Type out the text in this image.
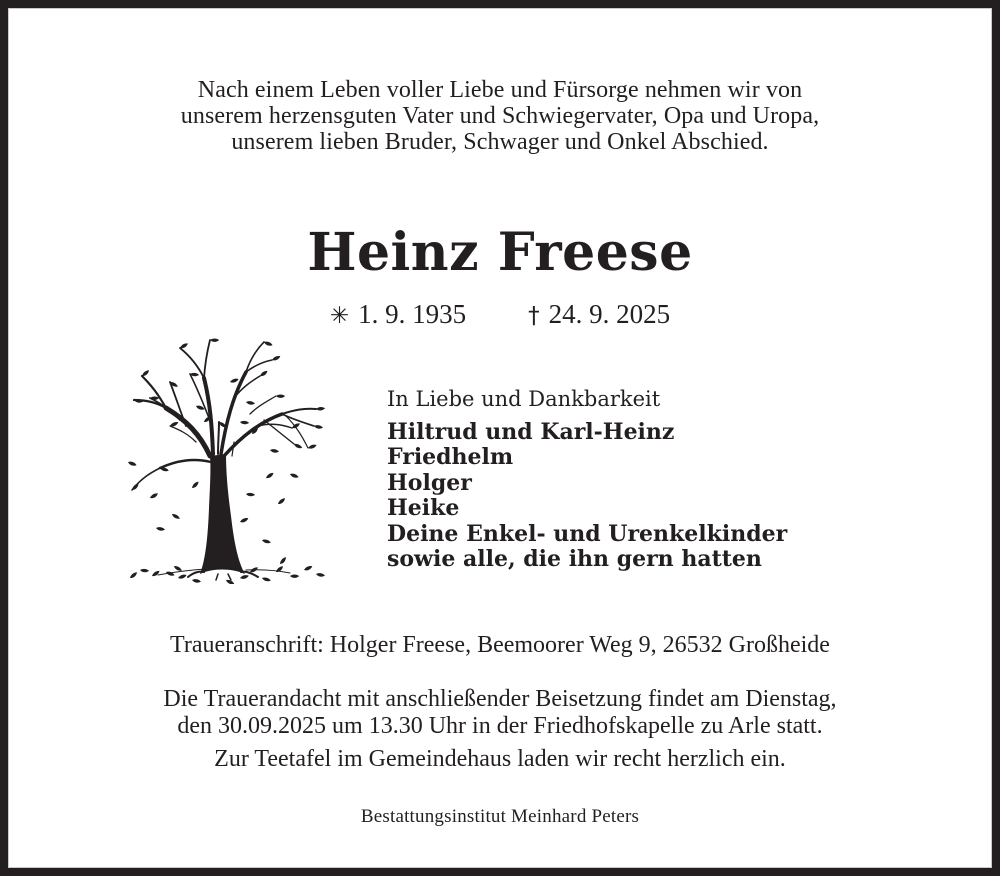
Nach einem Leben voller Liebe und Fürsorge nehmen wir von
unserem herzensguten Vater und Schwiegervater, Opa und Uropa,
unserem lieben Bruder, Schwager und Onkel Abschied.
Heinz Freese
✳ 1. 9. 1935	† 24. 9. 2025
In Liebe und Dankbarkeit
Hiltrud und Karl-Heinz
Friedhelm
Holger
Heike
Deine Enkel- und Urenkelkinder
sowie alle, die ihn gern hatten
Traueranschrift: Holger Freese, Beemoorer Weg 9, 26532 Großheide
Die Trauerandacht mit anschließender Beisetzung findet am Dienstag,
den 30.09.2025 um 13.30 Uhr in der Friedhofskapelle zu Arle statt.
Zur Teetafel im Gemeindehaus laden wir recht herzlich ein.
Bestattungsinstitut Meinhard Peters
